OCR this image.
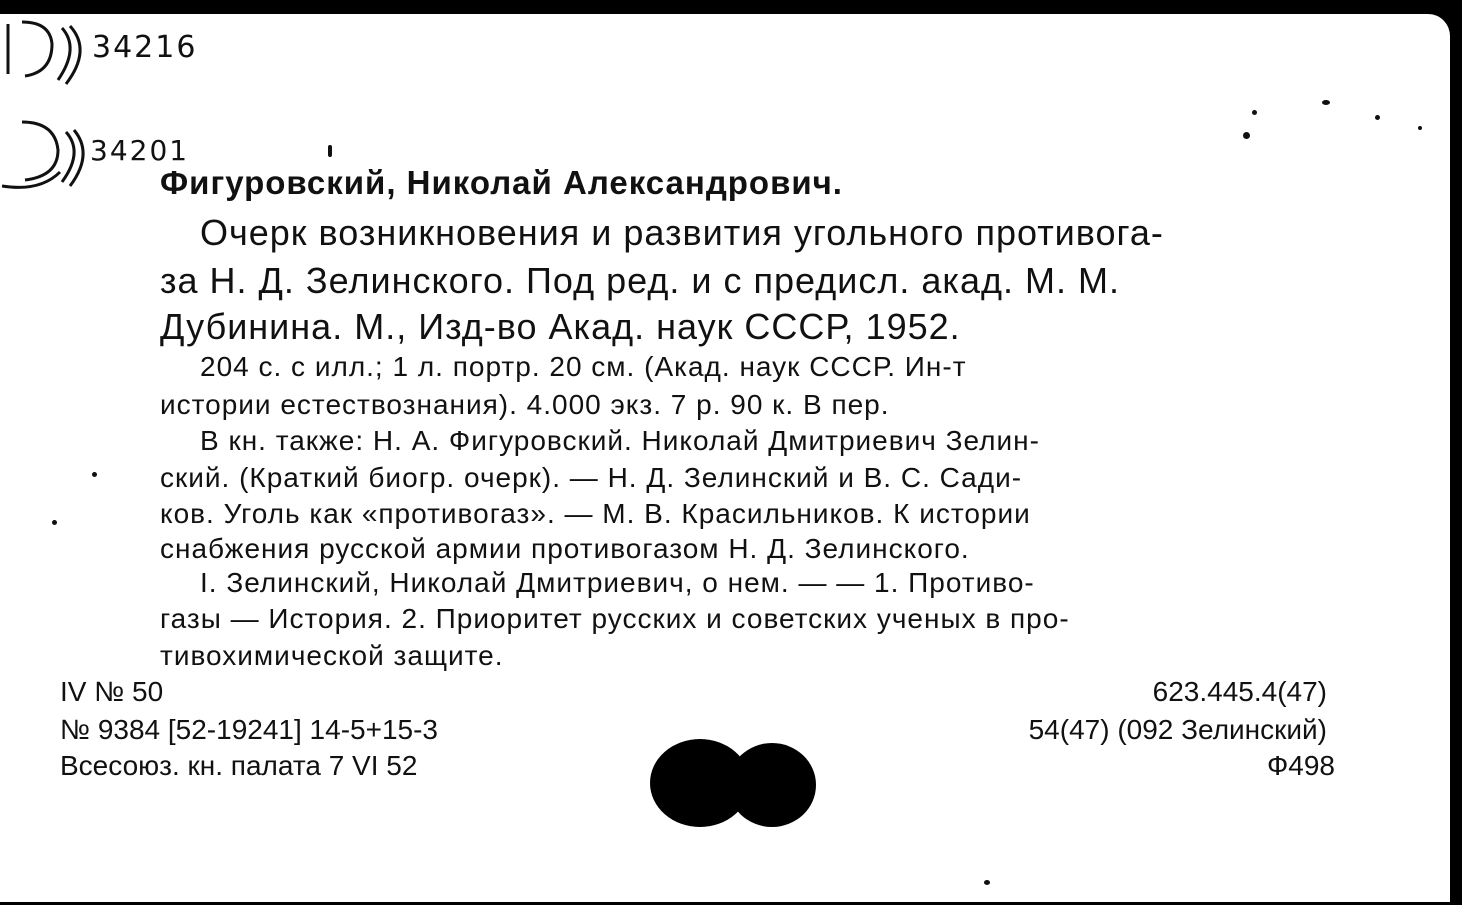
34216
34201
Фигуровский, Николай Александрович.
Очерк возникновения и развития угольного противога-
за Н. Д. Зелинского. Под ред. и с предисл. акад. М. М.
Дубинина. М., Изд-во Акад. наук СССР, 1952.
204 с. с илл.; 1 л. портр. 20 см. (Акад. наук СССР. Ин-т
истории естествознания). 4.000 экз. 7 р. 90 к. В пер.
В кн. также: Н. А. Фигуровский. Николай Дмитриевич Зелин-
ский. (Краткий биогр. очерк). — Н. Д. Зелинский и В. С. Сади-
ков. Уголь как «противогаз». — М. В. Красильников. К истории
снабжения русской армии противогазом Н. Д. Зелинского.
I. Зелинский, Николай Дмитриевич, о нем. — — 1. Противо-
газы — История. 2. Приоритет русских и советских ученых в про-
тивохимической защите.
IV № 50
№ 9384 [52-19241] 14-5+15-3
Всесоюз. кн. палата 7 VI 52
623.445.4(47)
54(47) (092 Зелинский)
Ф498
